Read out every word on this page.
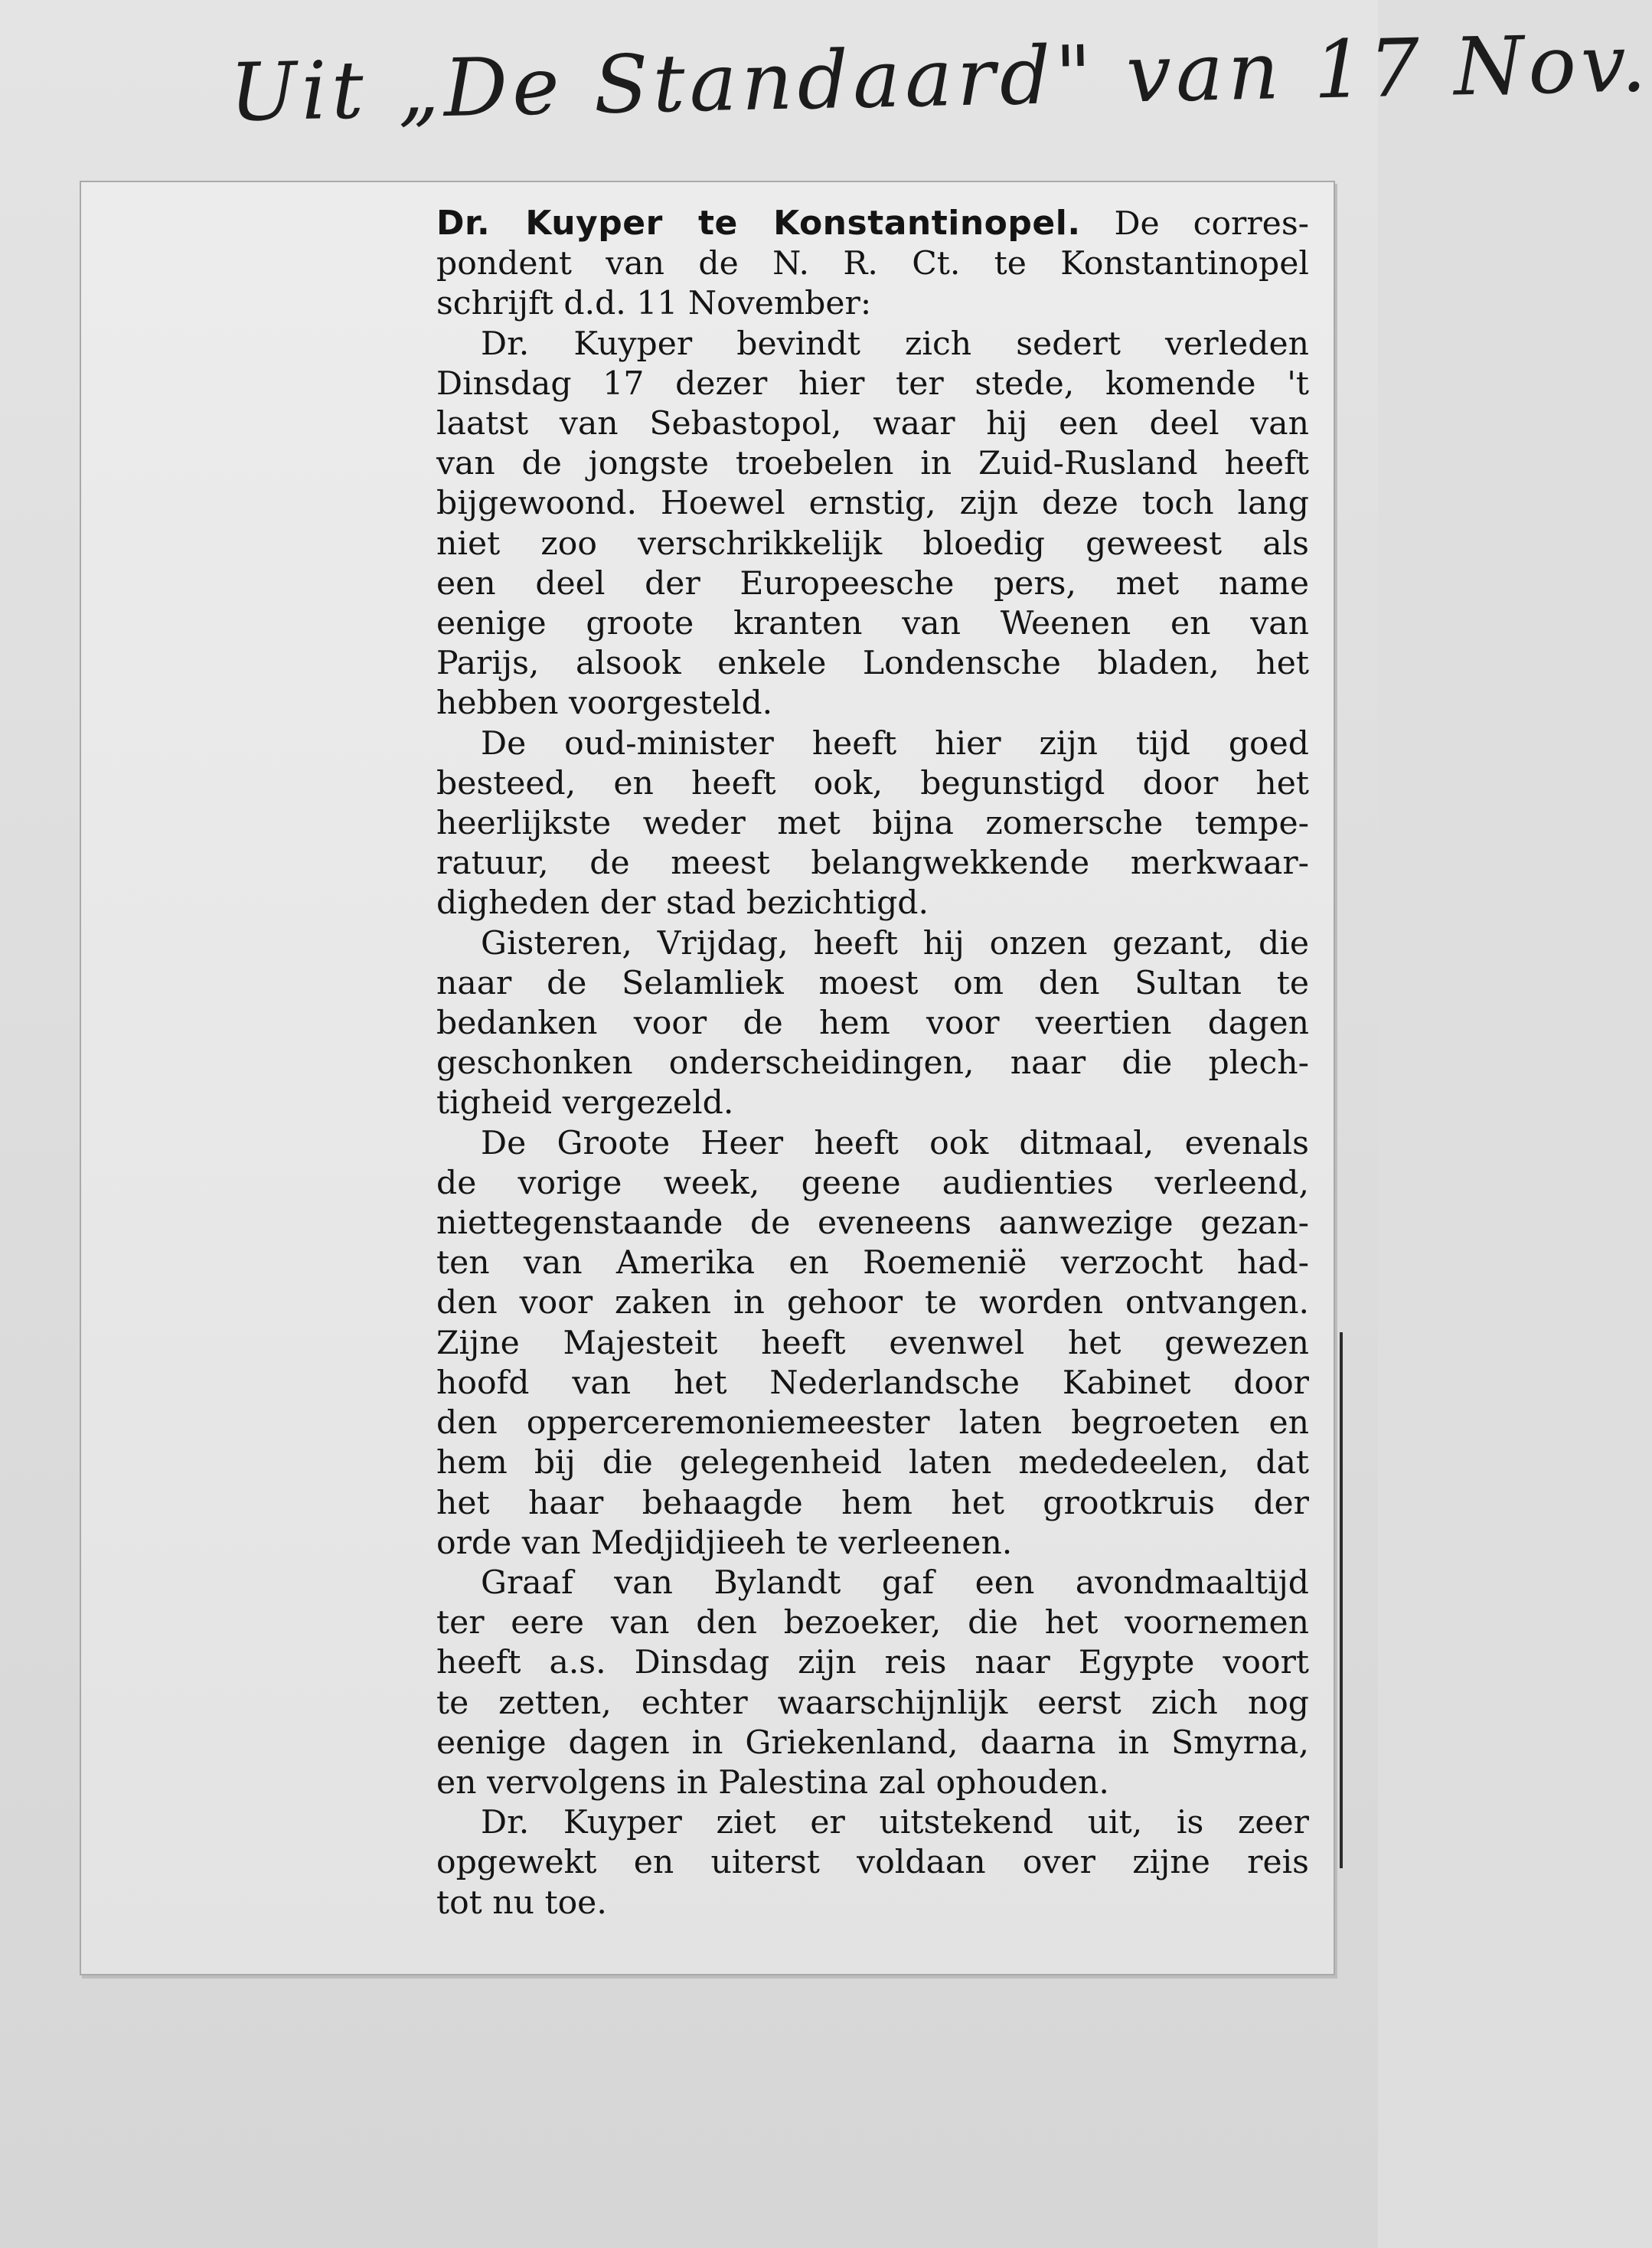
Uit „De Standaard" van 17 Nov.
Dr. Kuyper te Konstantinopel. De corres-
pondent van de N. R. Ct. te Konstantinopel
schrijft d.d. 11 November:
Dr. Kuyper bevindt zich sedert verleden
Dinsdag 17 dezer hier ter stede, komende 't
laatst van Sebastopol, waar hij een deel van
van de jongste troebelen in Zuid-Rusland heeft
bijgewoond. Hoewel ernstig, zijn deze toch lang
niet zoo verschrikkelijk bloedig geweest als
een deel der Europeesche pers, met name
eenige groote kranten van Weenen en van
Parijs, alsook enkele Londensche bladen, het
hebben voorgesteld.
De oud-minister heeft hier zijn tijd goed
besteed, en heeft ook, begunstigd door het
heerlijkste weder met bijna zomersche tempe-
ratuur, de meest belangwekkende merkwaar-
digheden der stad bezichtigd.
Gisteren, Vrijdag, heeft hij onzen gezant, die
naar de Selamliek moest om den Sultan te
bedanken voor de hem voor veertien dagen
geschonken onderscheidingen, naar die plech-
tigheid vergezeld.
De Groote Heer heeft ook ditmaal, evenals
de vorige week, geene audienties verleend,
niettegenstaande de eveneens aanwezige gezan-
ten van Amerika en Roemenië verzocht had-
den voor zaken in gehoor te worden ontvangen.
Zijne Majesteit heeft evenwel het gewezen
hoofd van het Nederlandsche Kabinet door
den opperceremoniemeester laten begroeten en
hem bij die gelegenheid laten mededeelen, dat
het haar behaagde hem het grootkruis der
orde van Medjidjieeh te verleenen.
Graaf van Bylandt gaf een avondmaaltijd
ter eere van den bezoeker, die het voornemen
heeft a.s. Dinsdag zijn reis naar Egypte voort
te zetten, echter waarschijnlijk eerst zich nog
eenige dagen in Griekenland, daarna in Smyrna,
en vervolgens in Palestina zal ophouden.
Dr. Kuyper ziet er uitstekend uit, is zeer
opgewekt en uiterst voldaan over zijne reis
tot nu toe.
